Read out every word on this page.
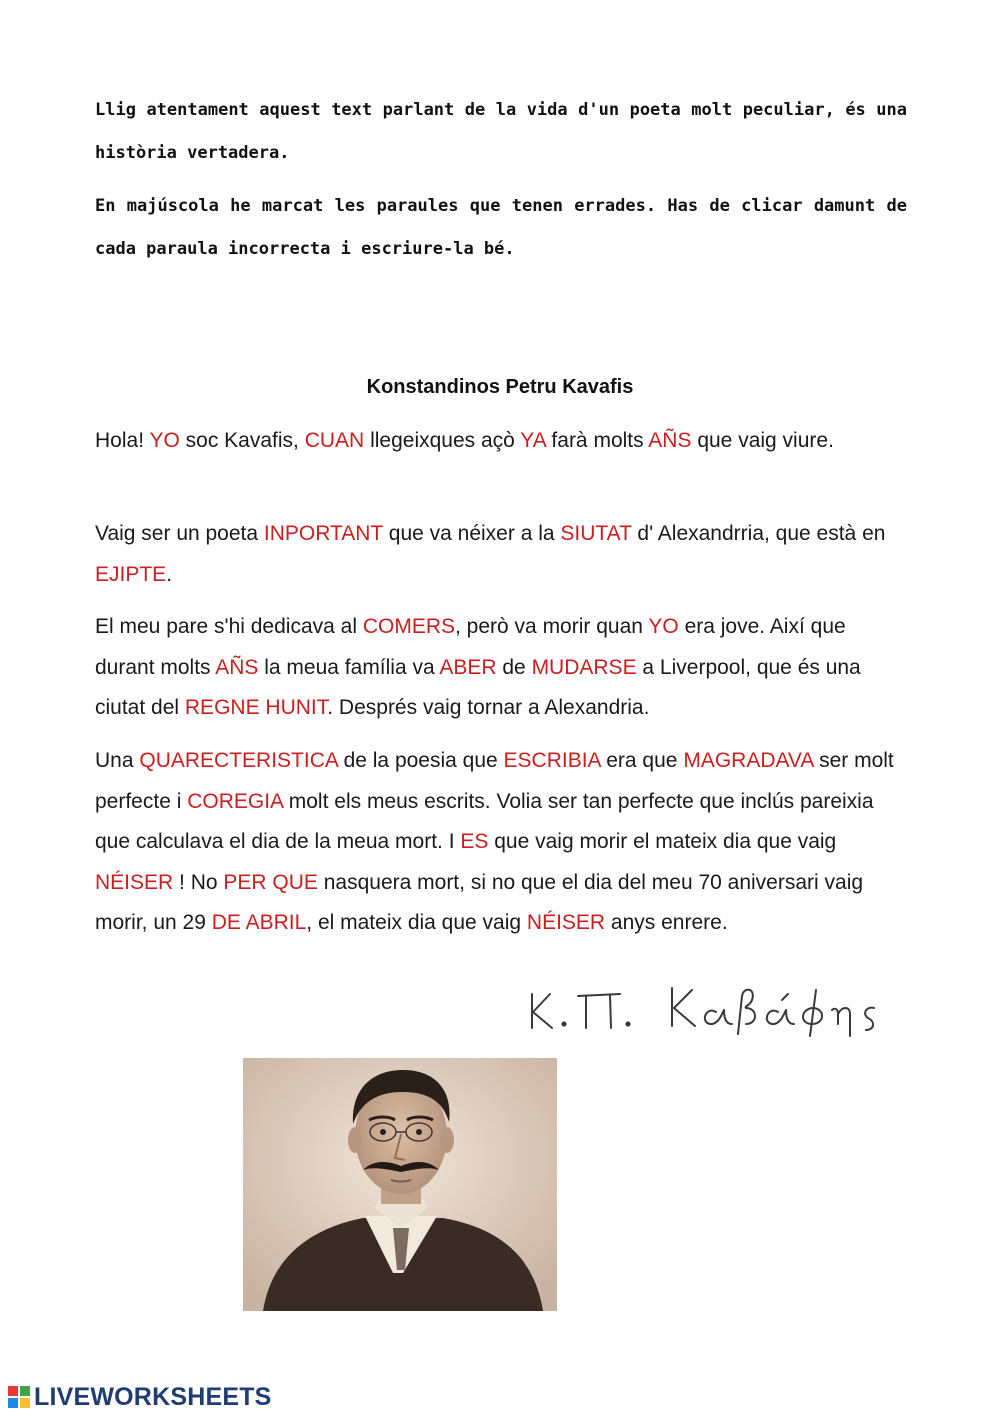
Llig atentament aquest text parlant de la vida d'un poeta molt peculiar, és una història vertadera.

En majúscola he marcat les paraules que tenen errades. Has de clicar damunt de cada paraula incorrecta i escriure-la bé.

Konstandinos Petru Kavafis

Hola! YO soc Kavafis, CUAN llegeixques açò YA farà molts AÑS que vaig viure.

Vaig ser un poeta INPORTANT que va néixer a la SIUTAT d' Alexandrria, que està en EJIPTE.

El meu pare s'hi dedicava al COMERS, però va morir quan YO era jove. Així que durant molts AÑS la meua família va ABER de MUDARSE a Liverpool, que és una ciutat del REGNE HUNIT. Després vaig tornar a Alexandria.

Una QUARECTERISTICA de la poesia que ESCRIBIA era que MAGRADAVA ser molt perfecte i COREGIA molt els meus escrits. Volia ser tan perfecte que inclús pareixia que calculava el dia de la meua mort. I ES que vaig morir el mateix dia que vaig NÉISER ! No PER QUE nasquera mort, si no que el dia del meu 70 aniversari vaig morir, un 29 DE ABRIL, el mateix dia que vaig NÉISER anys enrere.

LIVEWORKSHEETS
